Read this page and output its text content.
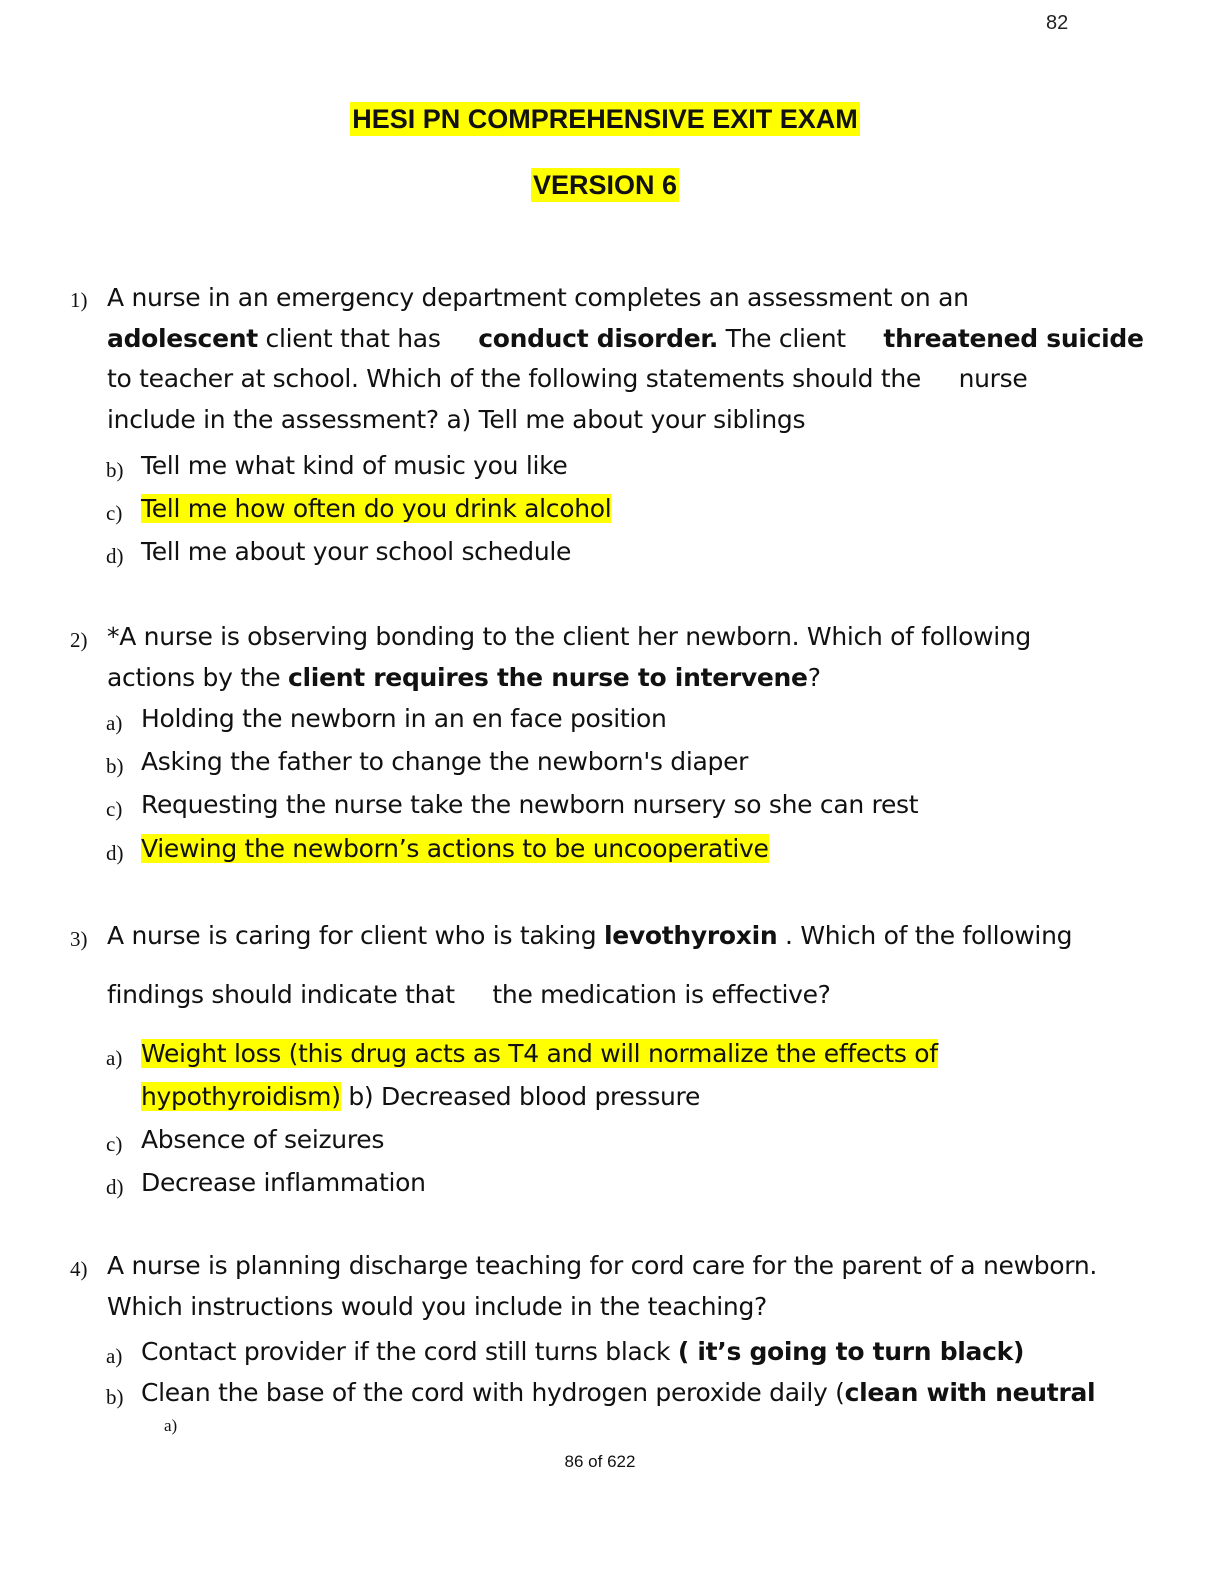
82
HESI PN COMPREHENSIVE EXIT EXAM
VERSION 6
1) A nurse in an emergency department completes an assessment on an
adolescent client that has conduct disorder. The client threatened suicide
to teacher at school. Which of the following statements should the nurse
include in the assessment? a) Tell me about your siblings
b) Tell me what kind of music you like
c) Tell me how often do you drink alcohol
d) Tell me about your school schedule
2) *A nurse is observing bonding to the client her newborn. Which of following
actions by the client requires the nurse to intervene?
a) Holding the newborn in an en face position
b) Asking the father to change the newborn's diaper
c) Requesting the nurse take the newborn nursery so she can rest
d) Viewing the newborn’s actions to be uncooperative
3) A nurse is caring for client who is taking levothyroxin . Which of the following
findings should indicate that the medication is effective?
a) Weight loss (this drug acts as T4 and will normalize the effects of
hypothyroidism) b) Decreased blood pressure
c) Absence of seizures
d) Decrease inflammation
4) A nurse is planning discharge teaching for cord care for the parent of a newborn.
Which instructions would you include in the teaching?
a) Contact provider if the cord still turns black ( it’s going to turn black)
b) Clean the base of the cord with hydrogen peroxide daily (clean with neutral
a)
86 of 622
